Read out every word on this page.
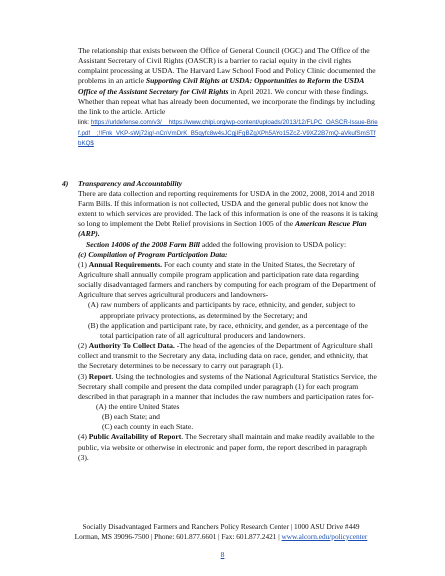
The relationship that exists between the Office of General Council (OGC) and The Office of the Assistant Secretary of Civil Rights (OASCR) is a barrier to racial equity in the civil rights complaint processing at USDA. The Harvard Law School Food and Policy Clinic documented the problems in an article Supporting Civil Rights at USDA: Opportunities to Reform the USDA Office of the Assistant Secretary for Civil Rights in April 2021. We concur with these findings. Whether than repeat what has already been documented, we incorporate the findings by including the link to the article. Article

link: https://urldefense.com/v3/__https://www.chlpi.org/wp-content/uploads/2013/12/FLPC_OASCR-Issue-Brief.pdf__;!!Fnk_VKP-sWj72ig!-nCnVmDrK_B5qyfc8w4sJCgjIFgBZgXPh5AYo15ZcZ-V9XZ2B7mQ-aVkufSmSTfbKQ$

4) Transparency and Accountability

There are data collection and reporting requirements for USDA in the 2002, 2008, 2014 and 2018 Farm Bills. If this information is not collected, USDA and the general public does not know the extent to which services are provided. The lack of this information is one of the reasons it is taking so long to implement the Debt Relief provisions in Section 1005 of the American Rescue Plan (ARP).

Section 14006 of the 2008 Farm Bill added the following provision to USDA policy:

(c) Compilation of Program Participation Data:

(1) Annual Requirements. For each county and state in the United States, the Secretary of Agriculture shall annually compile program application and participation rate data regarding socially disadvantaged farmers and ranchers by computing for each program of the Department of Agriculture that serves agricultural producers and landowners-

(A) raw numbers of applicants and participants by race, ethnicity, and gender, subject to appropriate privacy protections, as determined by the Secretary; and

(B) the application and participant rate, by race, ethnicity, and gender, as a percentage of the total participation rate of all agricultural producers and landowners.

(2) Authority To Collect Data. -The head of the agencies of the Department of Agriculture shall collect and transmit to the Secretary any data, including data on race, gender, and ethnicity, that the Secretary determines to be necessary to carry out paragraph (1).

(3) Report. Using the technologies and systems of the National Agricultural Statistics Service, the Secretary shall compile and present the data compiled under paragraph (1) for each program described in that paragraph in a manner that includes the raw numbers and participation rates for-

(A) the entire United States

(B) each State; and

(C) each county in each State.

(4) Public Availability of Report. The Secretary shall maintain and make readily available to the public, via website or otherwise in electronic and paper form, the report described in paragraph (3).

Socially Disadvantaged Farmers and Ranchers Policy Research Center | 1000 ASU Drive #449
Lorman, MS 39096-7500 | Phone: 601.877.6601 | Fax: 601.877.2421 | www.alcorn.edu/policycenter
8
